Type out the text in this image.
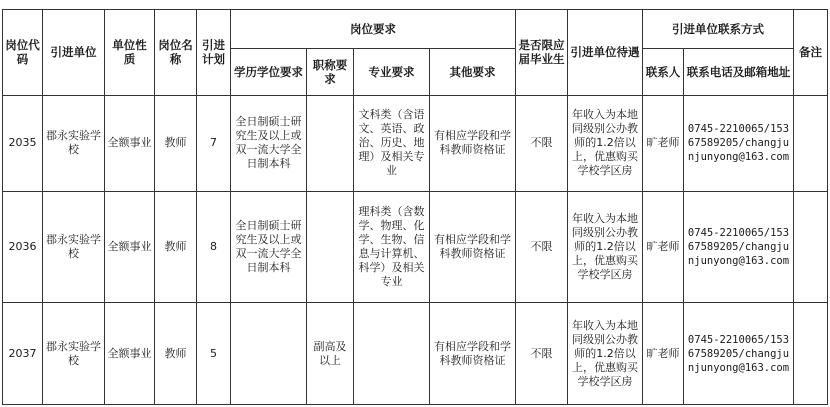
岗位代码	引进单位	单位性质	岗位名称	引进计划	岗位要求				是否限应届毕业生	引进单位待遇	引进单位联系方式		备注
					学历学位要求	职称要求	专业要求	其他要求			联系人	联系电话及邮箱地址	
2035	郡永实验学校	全额事业	教师	7	全日制硕士研究生及以上或双一流大学全日制本科		文科类（含语文、英语、政治、历史、地理）及相关专业	有相应学段和学科教师资格证	不限	年收入为本地同级别公办教师的1.2倍以上，优惠购买学校学区房	旷老师	0745-2210065/15367589205/changjunjunyong@163.com	
2036	郡永实验学校	全额事业	教师	8	全日制硕士研究生及以上或双一流大学全日制本科		理科类（含数学、物理、化学、生物、信息与计算机、科学）及相关专业	有相应学段和学科教师资格证	不限	年收入为本地同级别公办教师的1.2倍以上，优惠购买学校学区房	旷老师	0745-2210065/15367589205/changjunjunyong@163.com	
2037	郡永实验学校	全额事业	教师	5		副高及以上		有相应学段和学科教师资格证	不限	年收入为本地同级别公办教师的1.2倍以上，优惠购买学校学区房	旷老师	0745-2210065/15367589205/changjunjunyong@163.com	
